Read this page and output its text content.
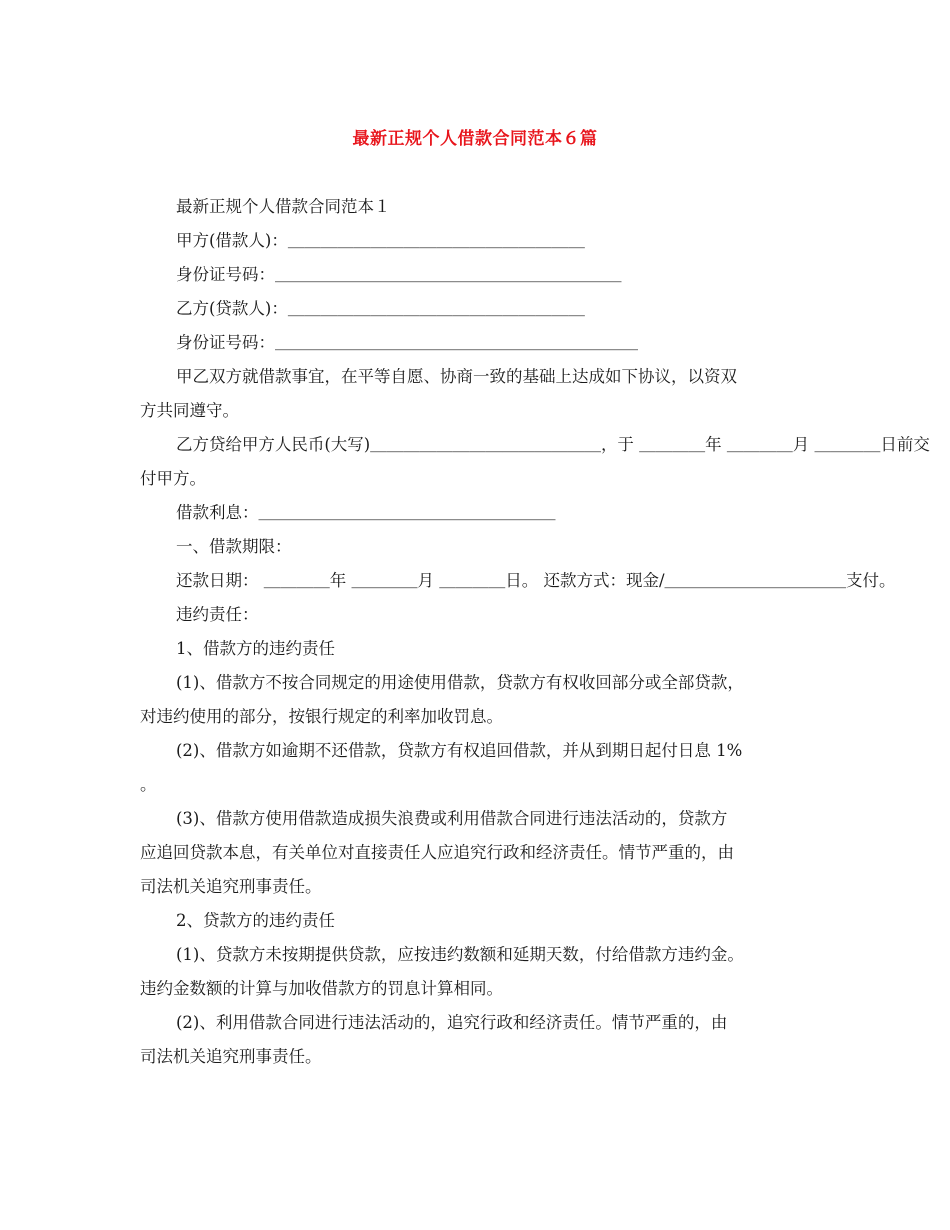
最新正规个人借款合同范本６篇
最新正规个人借款合同范本１
甲方(借款人)：＿＿＿＿＿＿＿＿＿＿＿＿＿＿＿＿＿＿
身份证号码：＿＿＿＿＿＿＿＿＿＿＿＿＿＿＿＿＿＿＿＿＿
乙方(贷款人)：＿＿＿＿＿＿＿＿＿＿＿＿＿＿＿＿＿＿
身份证号码：＿＿＿＿＿＿＿＿＿＿＿＿＿＿＿＿＿＿＿＿＿＿
甲乙双方就借款事宜，在平等自愿、协商一致的基础上达成如下协议，以资双
方共同遵守。
乙方贷给甲方人民币(大写)＿＿＿＿＿＿＿＿＿＿＿＿＿＿，于 ＿＿＿＿年 ＿＿＿＿月 ＿＿＿＿日前交
付甲方。
借款利息：＿＿＿＿＿＿＿＿＿＿＿＿＿＿＿＿＿＿
一、借款期限：
还款日期： ＿＿＿＿年 ＿＿＿＿月 ＿＿＿＿日。 还款方式：现金/＿＿＿＿＿＿＿＿＿＿＿支付。
违约责任：
1、借款方的违约责任
(1)、借款方不按合同规定的用途使用借款，贷款方有权收回部分或全部贷款，
对违约使用的部分，按银行规定的利率加收罚息。
(2)、借款方如逾期不还借款，贷款方有权追回借款，并从到期日起付日息 1%
。
(3)、借款方使用借款造成损失浪费或利用借款合同进行违法活动的，贷款方
应追回贷款本息，有关单位对直接责任人应追究行政和经济责任。情节严重的，由
司法机关追究刑事责任。
2、贷款方的违约责任
(1)、贷款方未按期提供贷款，应按违约数额和延期天数，付给借款方违约金。
违约金数额的计算与加收借款方的罚息计算相同。
(2)、利用借款合同进行违法活动的，追究行政和经济责任。情节严重的，由
司法机关追究刑事责任。
